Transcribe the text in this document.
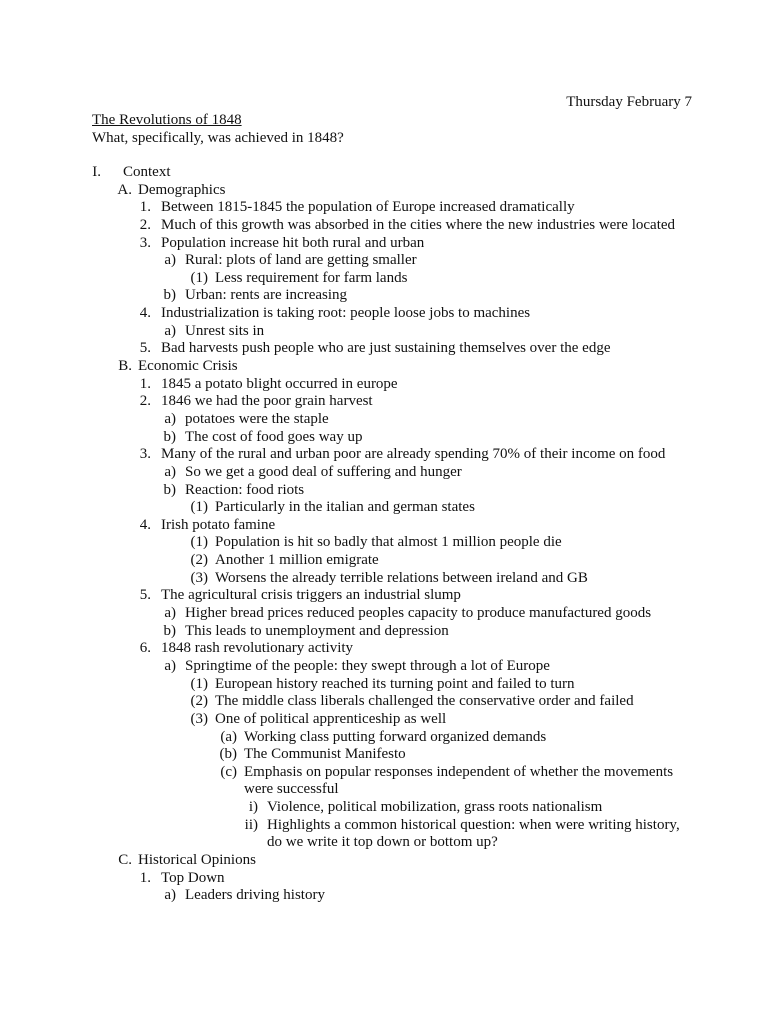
Thursday February 7
The Revolutions of 1848
What, specifically, was achieved in 1848?
I. Context
A. Demographics
1. Between 1815-1845 the population of Europe increased dramatically
2. Much of this growth was absorbed in the cities where the new industries were located
3. Population increase hit both rural and urban
a) Rural: plots of land are getting smaller
(1) Less requirement for farm lands
b) Urban: rents are increasing
4. Industrialization is taking root: people loose jobs to machines
a) Unrest sits in
5. Bad harvests push people who are just sustaining themselves over the edge
B. Economic Crisis
1. 1845 a potato blight occurred in europe
2. 1846 we had the poor grain harvest
a) potatoes were the staple
b) The cost of food goes way up
3. Many of the rural and urban poor are already spending 70% of their income on food
a) So we get a good deal of suffering and hunger
b) Reaction: food riots
(1) Particularly in the italian and german states
4. Irish potato famine
(1) Population is hit so badly that almost 1 million people die
(2) Another 1 million emigrate
(3) Worsens the already terrible relations between ireland and GB
5. The agricultural crisis triggers an industrial slump
a) Higher bread prices reduced peoples capacity to produce manufactured goods
b) This leads to unemployment and depression
6. 1848 rash revolutionary activity
a) Springtime of the people: they swept through a lot of Europe
(1) European history reached its turning point and failed to turn
(2) The middle class liberals challenged the conservative order and failed
(3) One of political apprenticeship as well
(a) Working class putting forward organized demands
(b) The Communist Manifesto
(c) Emphasis on popular responses independent of whether the movements
were successful
i) Violence, political mobilization, grass roots nationalism
ii) Highlights a common historical question: when were writing history,
do we write it top down or bottom up?
C. Historical Opinions
1. Top Down
a) Leaders driving history
